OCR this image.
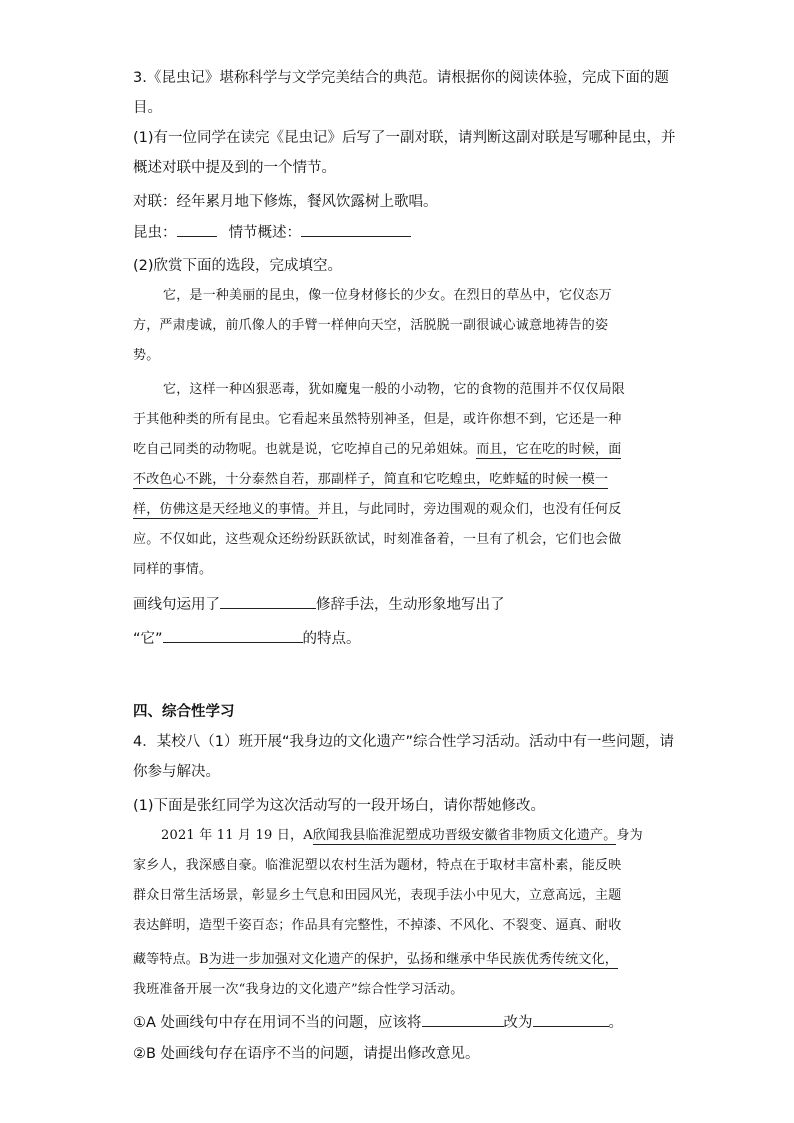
3.《昆虫记》堪称科学与文学完美结合的典范。请根据你的阅读体验，完成下面的题
目。
(1)有一位同学在读完《昆虫记》后写了一副对联，请判断这副对联是写哪种昆虫，并
概述对联中提及到的一个情节。
对联：经年累月地下修炼，餐风饮露树上歌唱。
昆虫：	情节概述：
(2)欣赏下面的选段，完成填空。
它，是一种美丽的昆虫，像一位身材修长的少女。在烈日的草丛中，它仪态万
方，严肃虔诚，前爪像人的手臂一样伸向天空，活脱脱一副很诚心诚意地祷告的姿
势。
它，这样一种凶狠恶毒，犹如魔鬼一般的小动物，它的食物的范围并不仅仅局限
于其他种类的所有昆虫。它看起来虽然特别神圣，但是，或许你想不到，它还是一种
吃自己同类的动物呢。也就是说，它吃掉自己的兄弟姐妹。而且，它在吃的时候，面
不改色心不跳，十分泰然自若，那副样子，简直和它吃蝗虫，吃蚱蜢的时候一模一
样，仿佛这是天经地义的事情。并且，与此同时，旁边围观的观众们，也没有任何反
应。不仅如此，这些观众还纷纷跃跃欲试，时刻准备着，一旦有了机会，它们也会做
同样的事情。
画线句运用了	修辞手法，生动形象地写出了
“它”	的特点。
四、综合性学习
4．某校八（1）班开展“我身边的文化遗产”综合性学习活动。活动中有一些问题，请
你参与解决。
(1)下面是张红同学为这次活动写的一段开场白，请你帮她修改。
2021 年 11 月 19 日，A欣闻我县临淮泥塑成功晋级安徽省非物质文化遗产。身为
家乡人，我深感自豪。临淮泥塑以农村生活为题材，特点在于取材丰富朴素，能反映
群众日常生活场景，彰显乡土气息和田园风光，表现手法小中见大，立意高远，主题
表达鲜明，造型千姿百态；作品具有完整性，不掉漆、不风化、不裂变、逼真、耐收
藏等特点。B为进一步加强对文化遗产的保护，弘扬和继承中华民族优秀传统文化，
我班准备开展一次“我身边的文化遗产”综合性学习活动。
①A 处画线句中存在用词不当的问题，应该将	改为	。
②B 处画线句存在语序不当的问题，请提出修改意见。
